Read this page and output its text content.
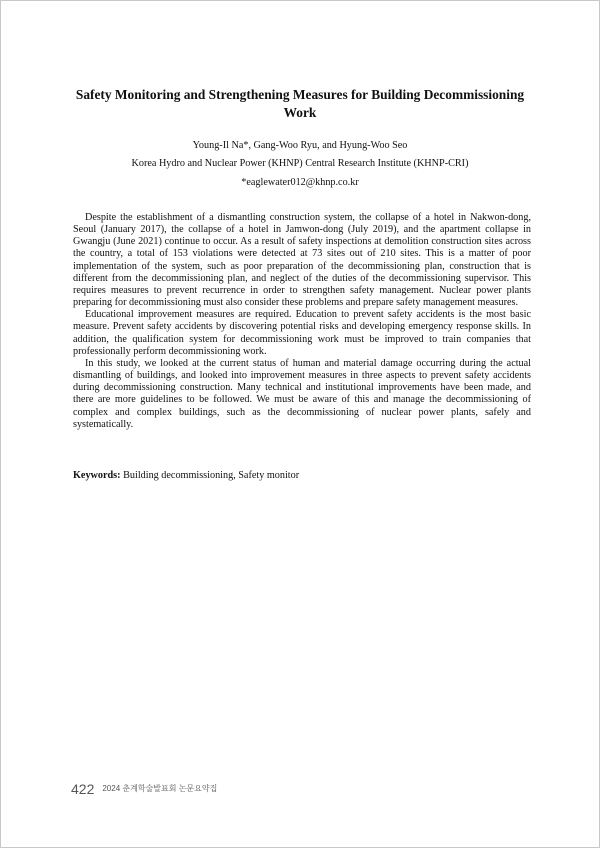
Safety Monitoring and Strengthening Measures for Building Decommissioning Work
Young-Il Na*, Gang-Woo Ryu, and Hyung-Woo Seo
Korea Hydro and Nuclear Power (KHNP) Central Research Institute (KHNP-CRI)
*eaglewater012@khnp.co.kr

Despite the establishment of a dismantling construction system, the collapse of a hotel in Nakwon-dong, Seoul (January 2017), the collapse of a hotel in Jamwon-dong (July 2019), and the apartment collapse in Gwangju (June 2021) continue to occur. As a result of safety inspections at demolition construction sites across the country, a total of 153 violations were detected at 73 sites out of 210 sites. This is a matter of poor implementation of the system, such as poor preparation of the decommissioning plan, construction that is different from the decommissioning plan, and neglect of the duties of the decommissioning supervisor. This requires measures to prevent recurrence in order to strengthen safety management. Nuclear power plants preparing for decommissioning must also consider these problems and prepare safety management measures.

Educational improvement measures are required. Education to prevent safety accidents is the most basic measure. Prevent safety accidents by discovering potential risks and developing emergency response skills. In addition, the qualification system for decommissioning work must be improved to train companies that professionally perform decommissioning work.

In this study, we looked at the current status of human and material damage occurring during the actual dismantling of buildings, and looked into improvement measures in three aspects to prevent safety accidents during decommissioning construction. Many technical and institutional improvements have been made, and there are more guidelines to be followed. We must be aware of this and manage the decommissioning of complex and complex buildings, such as the decommissioning of nuclear power plants, safely and systematically.

Keywords: Building decommissioning, Safety monitor
422 2024 춘계학술발표회 논문요약집
